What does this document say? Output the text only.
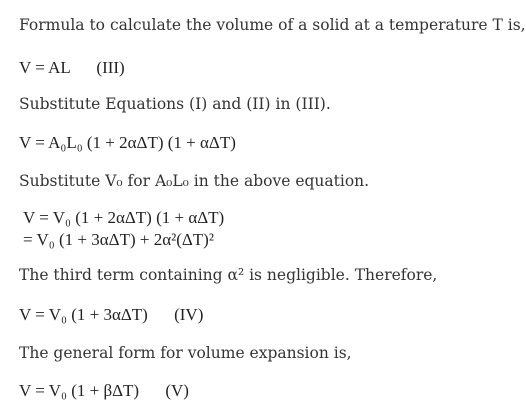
Formula to calculate the volume of a solid at a temperature T is,
V = AL (III)
Substitute Equations (I) and (II) in (III).
V = A₀L₀ (1 + 2αΔT) (1 + αΔT)
Substitute V₀ for A₀L₀ in the above equation.
V = V₀ (1 + 2αΔT) (1 + αΔT)
= V₀ (1 + 3αΔT) + 2α²(ΔT)²
The third term containing α² is negligible. Therefore,
V = V₀ (1 + 3αΔT) (IV)
The general form for volume expansion is,
V = V₀ (1 + βΔT) (V)
